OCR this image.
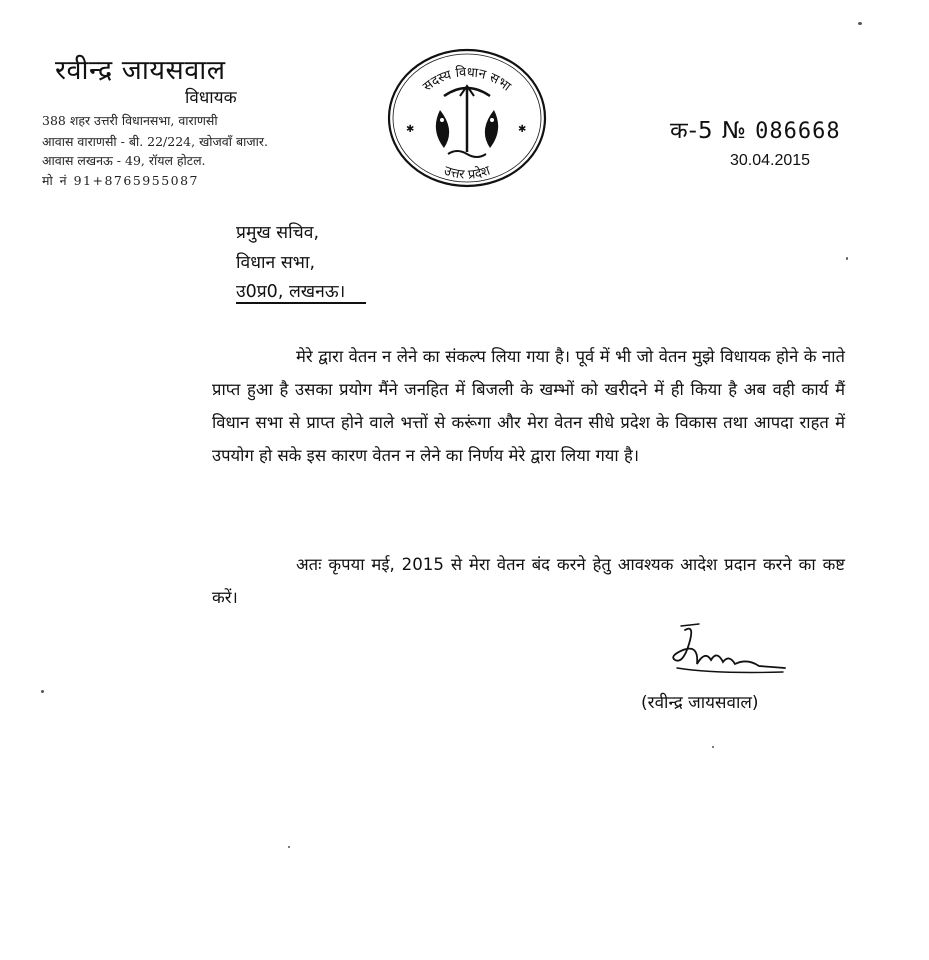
रवीन्द्र जायसवाल
विधायक
388 शहर उत्तरी विधानसभा, वाराणसी
आवास वाराणसी - बी. 22/224, खोजवाँ बाजार.
आवास लखनऊ - 49, रॉयल होटल.
मो नं 91+8765955087
सदस्य विधान सभा
उत्तर प्रदेश
✱	✱	क-5 № 086668
30.04.2015
प्रमुख सचिव,
विधान सभा,
उ0प्र0, लखनऊ।
मेरे द्वारा वेतन न लेने का संकल्प लिया गया है। पूर्व में भी जो वेतन मुझे विधायक होने के नाते प्राप्त हुआ है उसका प्रयोग मैंने जनहित में बिजली के खम्भों को खरीदने में ही किया है अब वही कार्य मैं विधान सभा से प्राप्त होने वाले भत्तों से करूंगा और मेरा वेतन सीधे प्रदेश के विकास तथा आपदा राहत में उपयोग हो सके इस कारण वेतन न लेने का निर्णय मेरे द्वारा लिया गया है।
अतः कृपया मई, 2015 से मेरा वेतन बंद करने हेतु आवश्यक आदेश प्रदान करने का कष्ट करें।
(रवीन्द्र जायसवाल)
